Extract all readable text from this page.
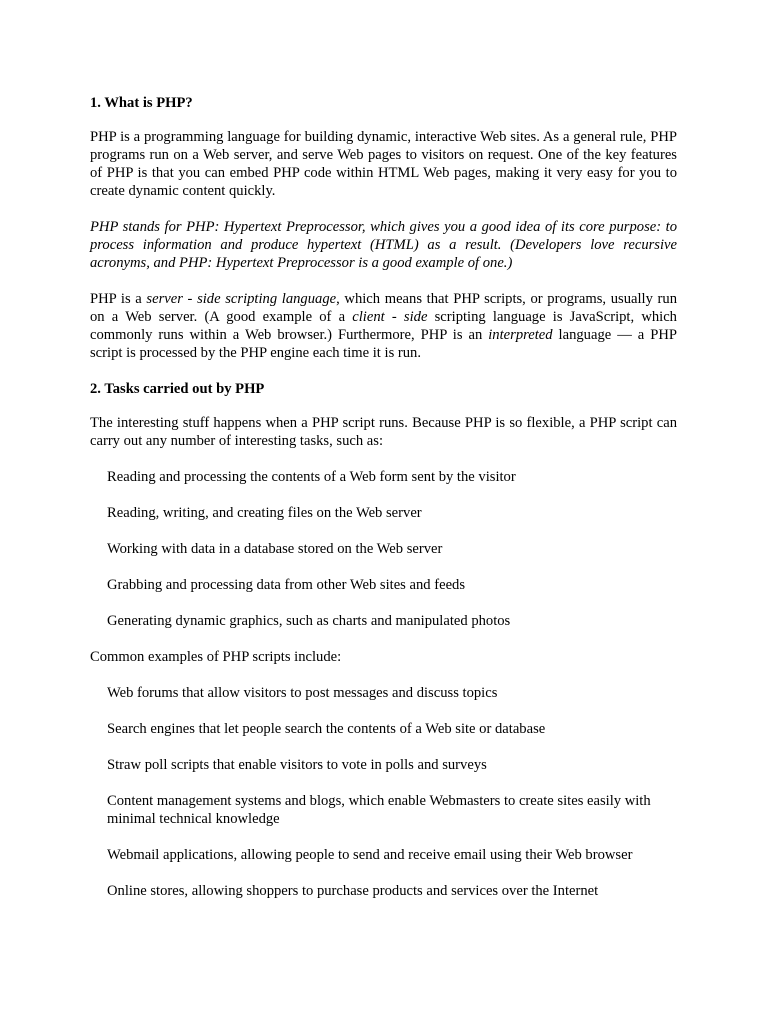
1. What is PHP?

PHP is a programming language for building dynamic, interactive Web sites. As a general rule, PHP programs run on a Web server, and serve Web pages to visitors on request. One of the key features of PHP is that you can embed PHP code within HTML Web pages, making it very easy for you to create dynamic content quickly.

PHP stands for PHP: Hypertext Preprocessor, which gives you a good idea of its core purpose: to process information and produce hypertext (HTML) as a result. (Developers love recursive acronyms, and PHP: Hypertext Preprocessor is a good example of one.)

PHP is a server - side scripting language, which means that PHP scripts, or programs, usually run on a Web server. (A good example of a client - side scripting language is JavaScript, which commonly runs within a Web browser.) Furthermore, PHP is an interpreted language — a PHP script is processed by the PHP engine each time it is run.

2. Tasks carried out by PHP

The interesting stuff happens when a PHP script runs. Because PHP is so flexible, a PHP script can carry out any number of interesting tasks, such as:

Reading and processing the contents of a Web form sent by the visitor
Reading, writing, and creating files on the Web server
Working with data in a database stored on the Web server
Grabbing and processing data from other Web sites and feeds
Generating dynamic graphics, such as charts and manipulated photos

Common examples of PHP scripts include:

Web forums that allow visitors to post messages and discuss topics
Search engines that let people search the contents of a Web site or database
Straw poll scripts that enable visitors to vote in polls and surveys
Content management systems and blogs, which enable Webmasters to create sites easily with minimal technical knowledge
Webmail applications, allowing people to send and receive email using their Web browser
Online stores, allowing shoppers to purchase products and services over the Internet
